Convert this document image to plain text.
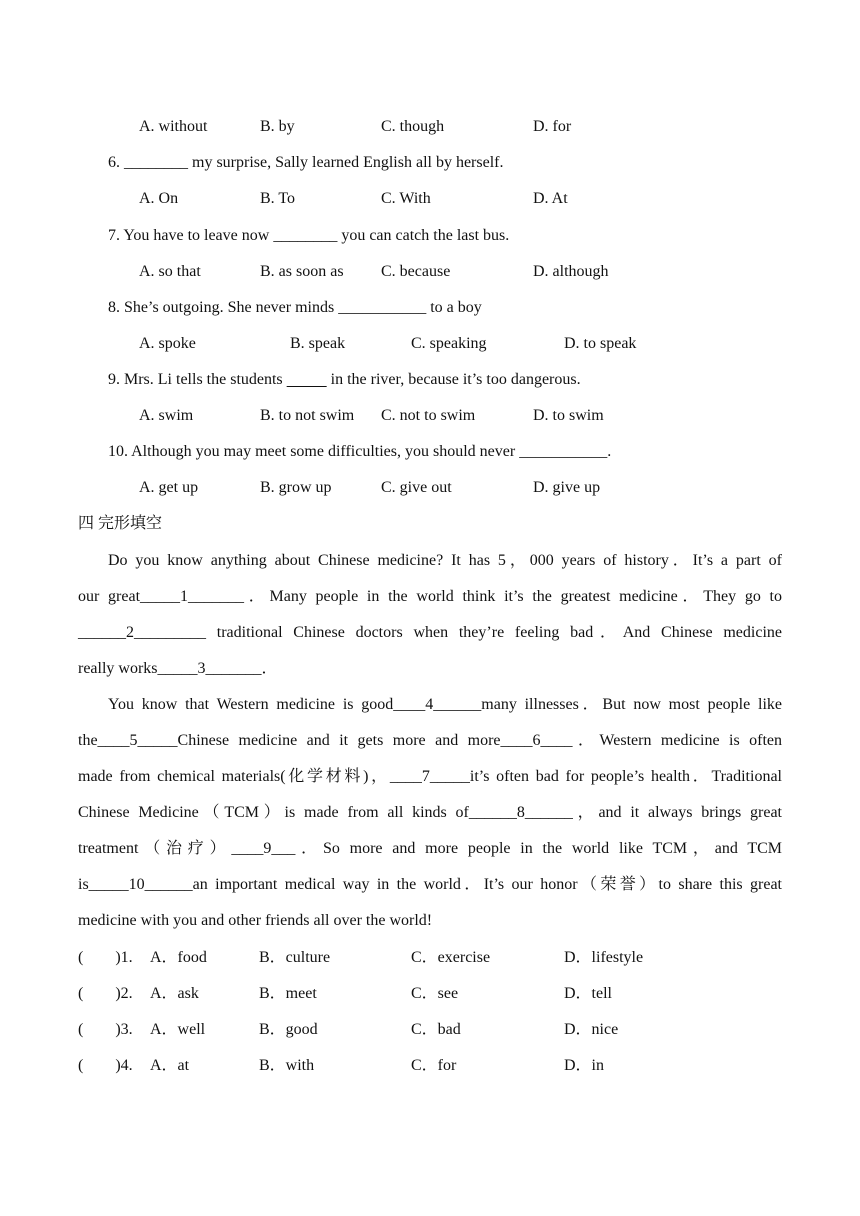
A. without	B. by	C. though	D. for
6. ________ my surprise, Sally learned English all by herself.
A. On	B. To	C. With	D. At
7. You have to leave now ________ you can catch the last bus.
A. so that	B. as soon as C. because	D. although
8. She’s outgoing. She never minds ___________ to a boy
A. spoke	B. speak	C. speaking	D. to speak
9. Mrs. Li tells the students	in the river, because it’s too dangerous.
A. swim	B. to not swim C. not to swim	D. to swim
10. Although you may meet some difficulties, you should never ___________.
A. get up	B. grow up	C. give out	D. give up
四 完形填空
Do you know anything about Chinese medicine? It has 5，000 years of history．It’s a part of
our great_____1_______．Many people in the world think it’s the greatest medicine．They go to
______2_________ traditional Chinese doctors when they’re feeling bad．And Chinese medicine
really works_____3_______．
You know that Western medicine is good____4______many illnesses．But now most people like
the____5_____Chinese medicine and it gets more and more____6____．Western medicine is often
made from chemical materials(化学材料)，____7_____it’s often bad for people’s health．Traditional
Chinese Medicine（TCM）is made from all kinds of______8______，and it always brings great
treatment（治疗）____9___．So more and more people in the world like TCM，and TCM
is_____10______an important medical way in the world．It’s our honor（荣誉）to share this great
medicine with you and other friends all over the world!
(        )1. A．food	B．culture	C．exercise	D．lifestyle
(        )2. A．ask	B．meet	C．see	D．tell
(        )3. A．well	B．good	C．bad	D．nice
(        )4. A．at	B．with	C．for	D．in
